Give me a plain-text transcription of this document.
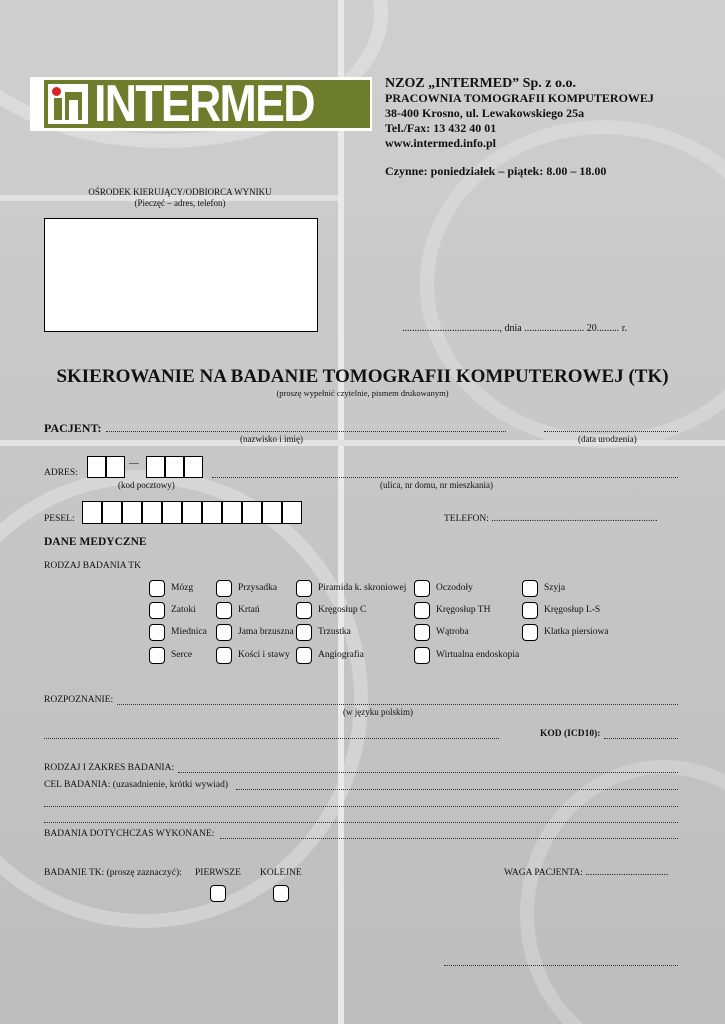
INTERMED	NZOZ „INTERMED” Sp. z o.o.
PRACOWNIA TOMOGRAFII KOMPUTEROWEJ
38-400 Krosno, ul. Lewakowskiego 25a
Tel./Fax: 13 432 40 01
www.intermed.info.pl
Czynne: poniedziałek – piątek: 8.00 – 18.00
OŚRODEK KIERUJĄCY/ODBIORCA WYNIKU
(Pieczęć – adres, telefon)
......................................., dnia ........................ 20......... r.
SKIEROWANIE NA BADANIE TOMOGRAFII KOMPUTEROWEJ (TK)
(proszę wypełnić czytelnie, pismem drukowanym)
PACJENT:
(nazwisko i imię)	(data urodzenia)
ADRES:
—
(kod pocztowy)	(ulica, nr domu, nr mieszkania)
PESEL:	TELEFON: ......................................................................
DANE MEDYCZNE
RODZAJ BADANIA TK
Mózg	Przysadka	Piramida k. skroniowej	Oczodoły	Szyja
Zatoki	Krtań	Kręgosłup C	Kręgosłup TH	Kręgosłup L-S
Miednica	Jama brzuszna	Trzustka	Wątroba	Klatka piersiowa
Serce	Kości i stawy	Angiografia	Wirtualna endoskopia
ROZPOZNANIE:
(w języku polskim)
KOD (ICD10):
RODZAJ I ZAKRES BADANIA:
CEL BADANIA: (uzasadnienie, krótki wywiad)
BADANIA DOTYCHCZAS WYKONANE:
BADANIE TK: (proszę zaznaczyć): PIERWSZE KOLEJNE	WAGA PACJENTA: ...................................
